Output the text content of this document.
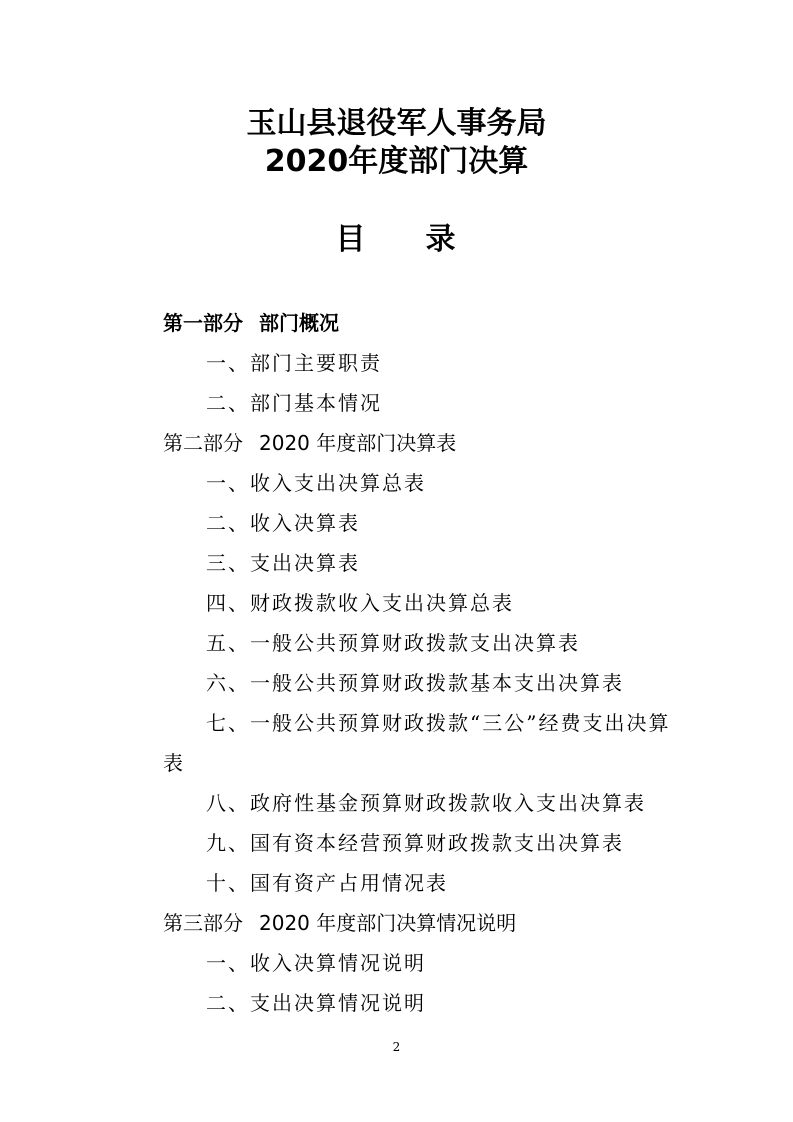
玉山县退役军人事务局
2020年度部门决算
目 录
第一部分 部门概况
一、部门主要职责
二、部门基本情况
第二部分 2020 年度部门决算表
一、收入支出决算总表
二、收入决算表
三、支出决算表
四、财政拨款收入支出决算总表
五、一般公共预算财政拨款支出决算表
六、一般公共预算财政拨款基本支出决算表
七、一般公共预算财政拨款“三公”经费支出决算
表
八、政府性基金预算财政拨款收入支出决算表
九、国有资本经营预算财政拨款支出决算表
十、国有资产占用情况表
第三部分 2020 年度部门决算情况说明
一、收入决算情况说明
二、支出决算情况说明
2
